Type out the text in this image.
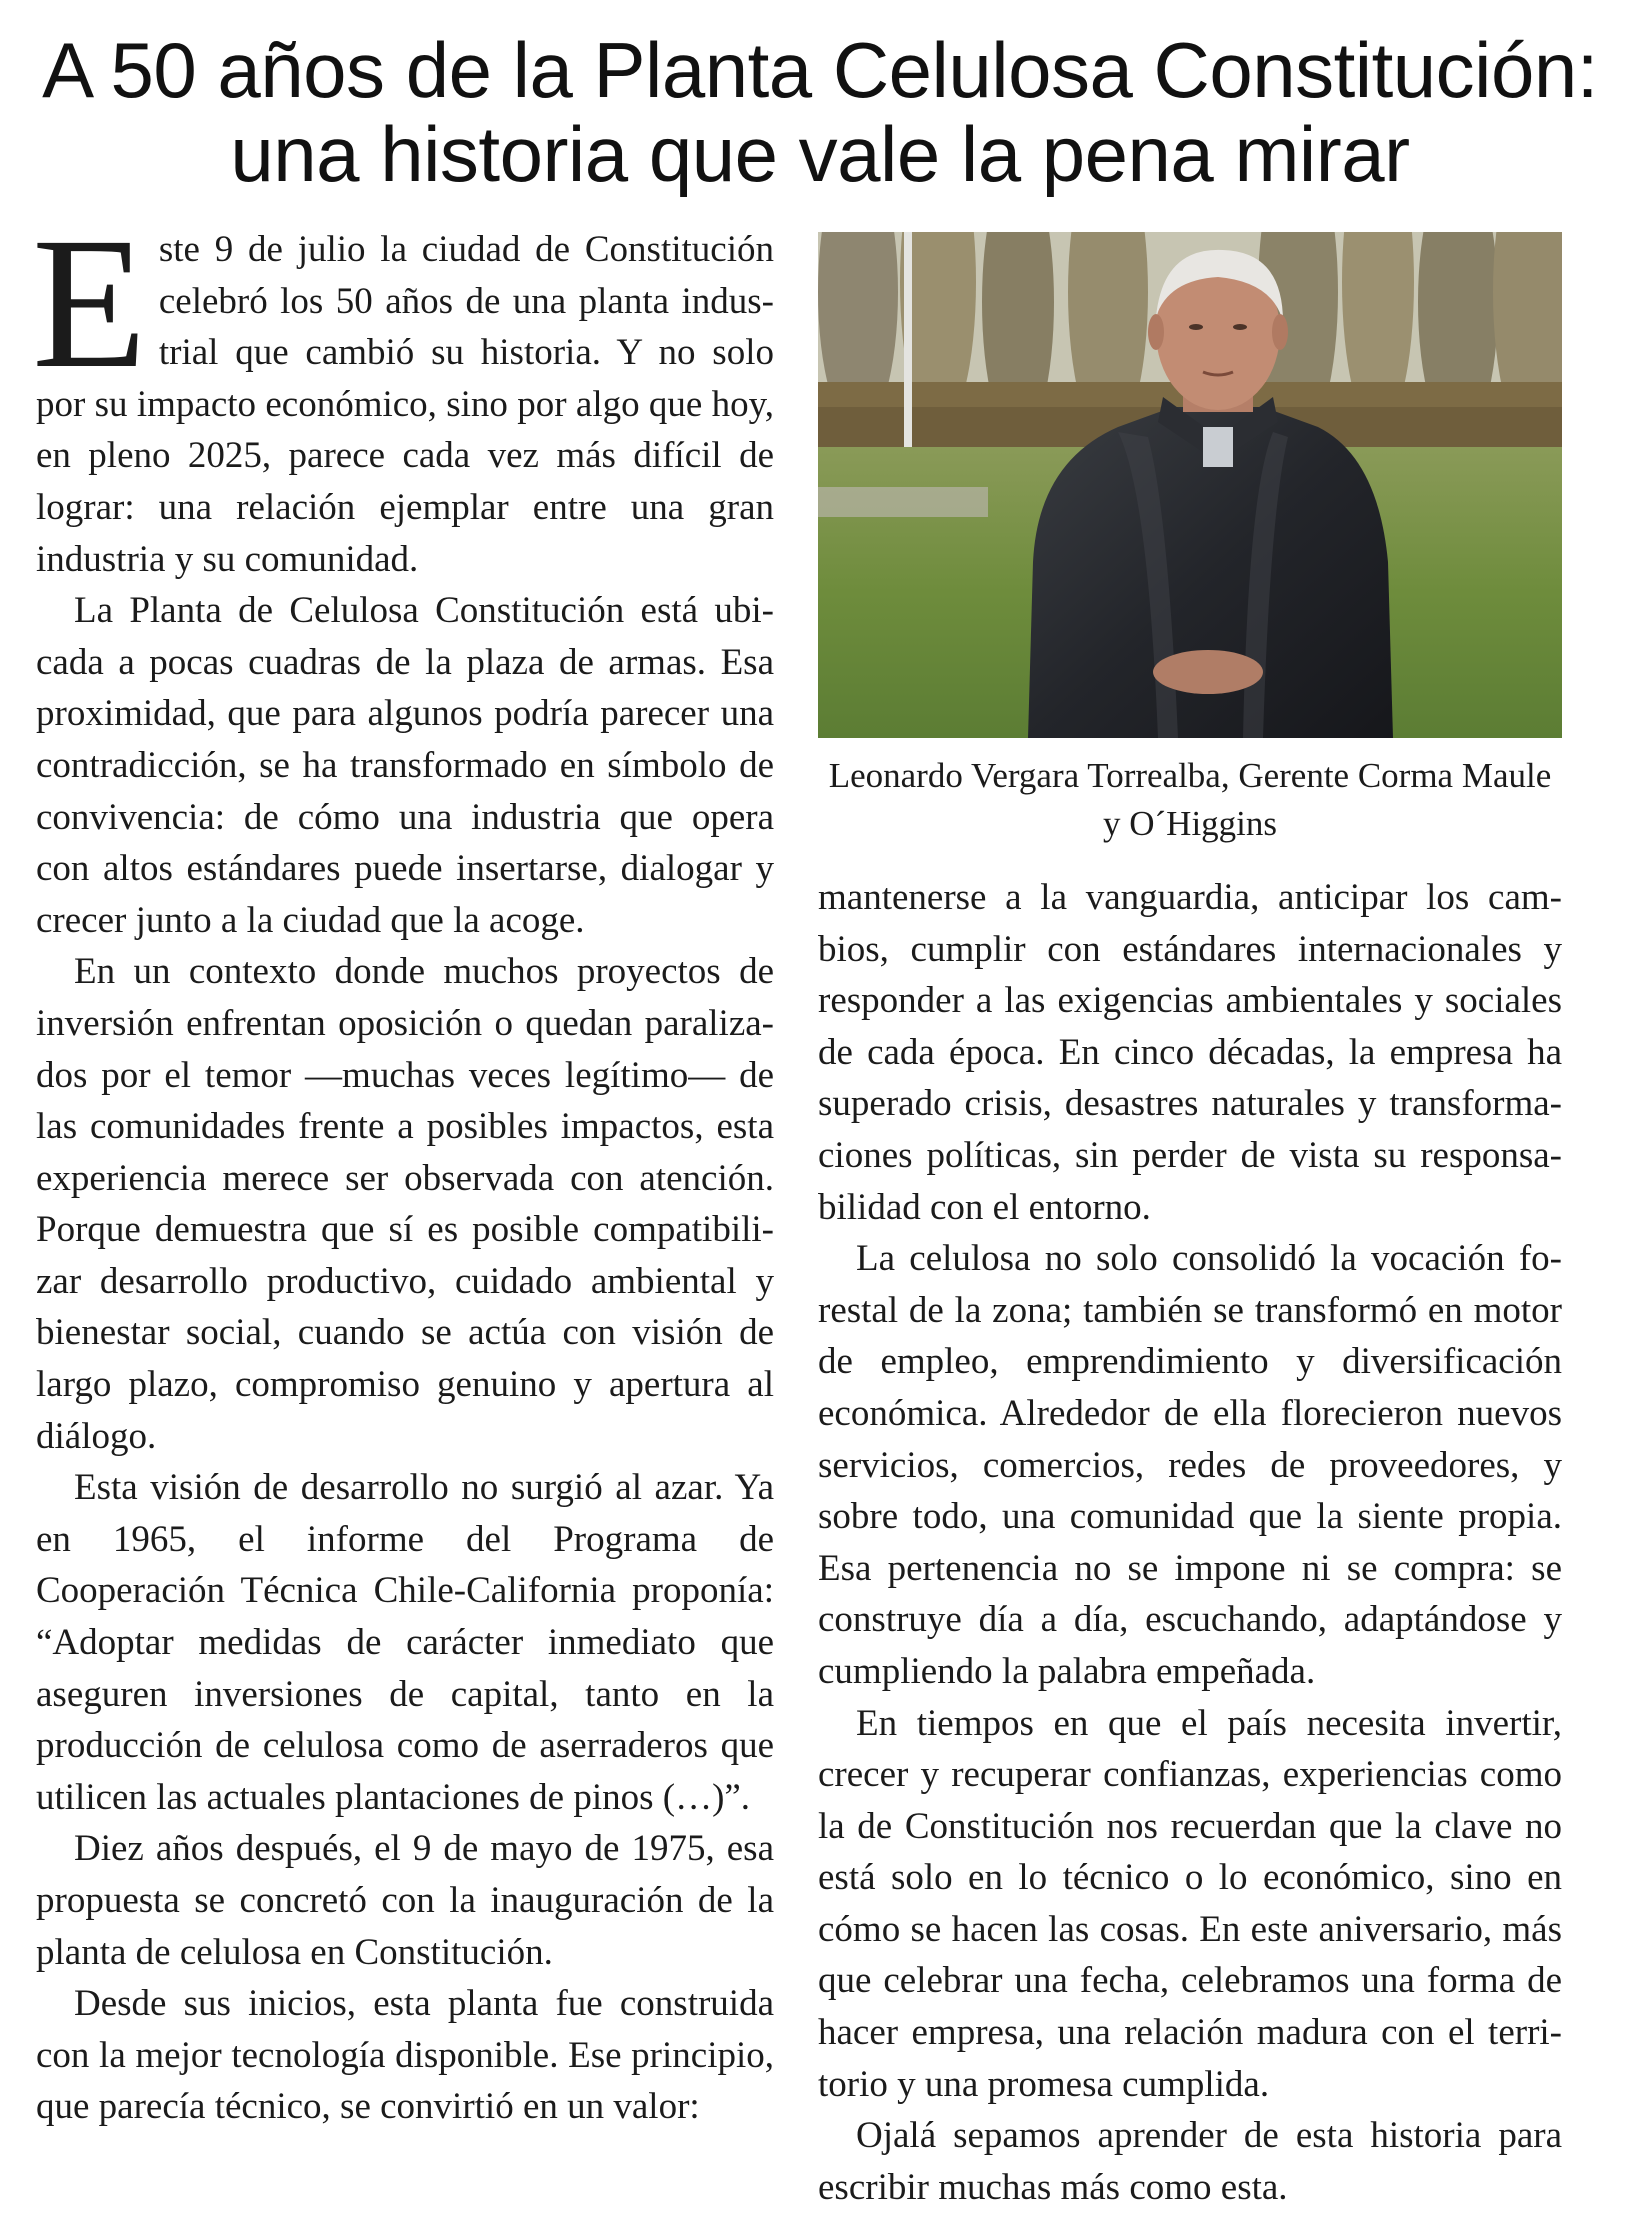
A 50 años de la Planta Celulosa Constitución:
una historia que vale la pena mirar

Este 9 de julio la ciudad de Constitución celebró los 50 años de una planta industrial que cambió su historia. Y no solo por su impacto económico, sino por algo que hoy, en pleno 2025, parece cada vez más difícil de lograr: una relación ejemplar entre una gran industria y su comunidad.

La Planta de Celulosa Constitución está ubicada a pocas cuadras de la plaza de armas. Esa proximidad, que para algunos podría parecer una contradicción, se ha transformado en símbolo de convivencia: de cómo una industria que opera con altos estándares puede insertarse, dialogar y crecer junto a la ciudad que la acoge.

En un contexto donde muchos proyectos de inversión enfrentan oposición o quedan paralizados por el temor —muchas veces legítimo— de las comunidades frente a posibles impactos, esta experiencia merece ser observada con atención. Porque demuestra que sí es posible compatibilizar desarrollo productivo, cuidado ambiental y bienestar social, cuando se actúa con visión de largo plazo, compromiso genuino y apertura al diálogo.

Esta visión de desarrollo no surgió al azar. Ya en 1965, el informe del Programa de Cooperación Técnica Chile-California proponía: “Adoptar medidas de carácter inmediato que aseguren inversiones de capital, tanto en la producción de celulosa como de aserraderos que utilicen las actuales plantaciones de pinos (…)”.

Diez años después, el 9 de mayo de 1975, esa propuesta se concretó con la inauguración de la planta de celulosa en Constitución.

Desde sus inicios, esta planta fue construida con la mejor tecnología disponible. Ese principio, que parecía técnico, se convirtió en un valor:

Leonardo Vergara Torrealba, Gerente Corma Maule y O´Higgins

mantenerse a la vanguardia, anticipar los cambios, cumplir con estándares internacionales y responder a las exigencias ambientales y sociales de cada época. En cinco décadas, la empresa ha superado crisis, desastres naturales y transformaciones políticas, sin perder de vista su responsabilidad con el entorno.

La celulosa no solo consolidó la vocación forestal de la zona; también se transformó en motor de empleo, emprendimiento y diversificación económica. Alrededor de ella florecieron nuevos servicios, comercios, redes de proveedores, y sobre todo, una comunidad que la siente propia. Esa pertenencia no se impone ni se compra: se construye día a día, escuchando, adaptándose y cumpliendo la palabra empeñada.

En tiempos en que el país necesita invertir, crecer y recuperar confianzas, experiencias como la de Constitución nos recuerdan que la clave no está solo en lo técnico o lo económico, sino en cómo se hacen las cosas. En este aniversario, más que celebrar una fecha, celebramos una forma de hacer empresa, una relación madura con el territorio y una promesa cumplida.

Ojalá sepamos aprender de esta historia para escribir muchas más como esta.
